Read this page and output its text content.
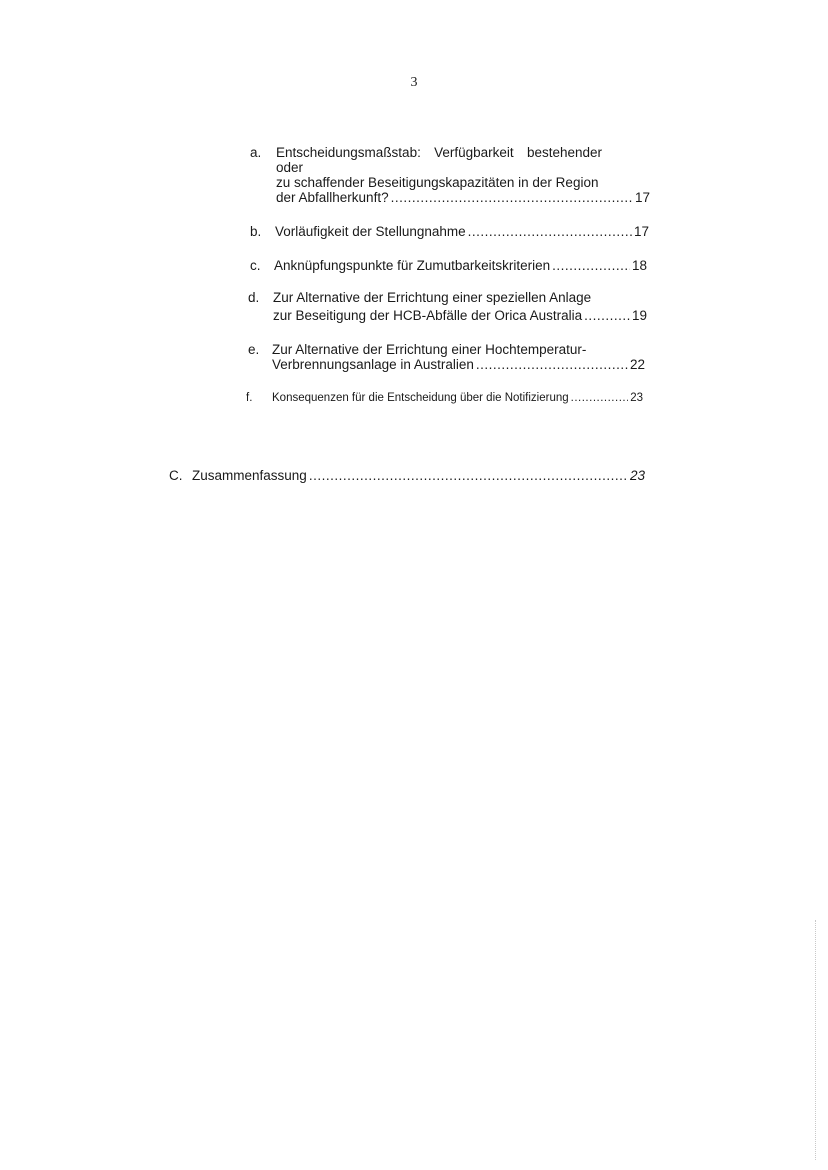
3
a. Entscheidungsmaßstab: Verfügbarkeit bestehender
oder
zu schaffender Beseitigungskapazitäten in der Region
der Abfallherkunft? .....	17
b. Vorläufigkeit der Stellungnahme .....	17
c. Anknüpfungspunkte für Zumutbarkeitskriterien .....	18
d. Zur Alternative der Errichtung einer speziellen Anlage
zur Beseitigung der HCB-Abfälle der Orica Australia .....	19
e. Zur Alternative der Errichtung einer Hochtemperatur-
Verbrennungsanlage in Australien .....	22
f. Konsequenzen für die Entscheidung über die Notifizierung .....	23
C. Zusammenfassung .....	23
